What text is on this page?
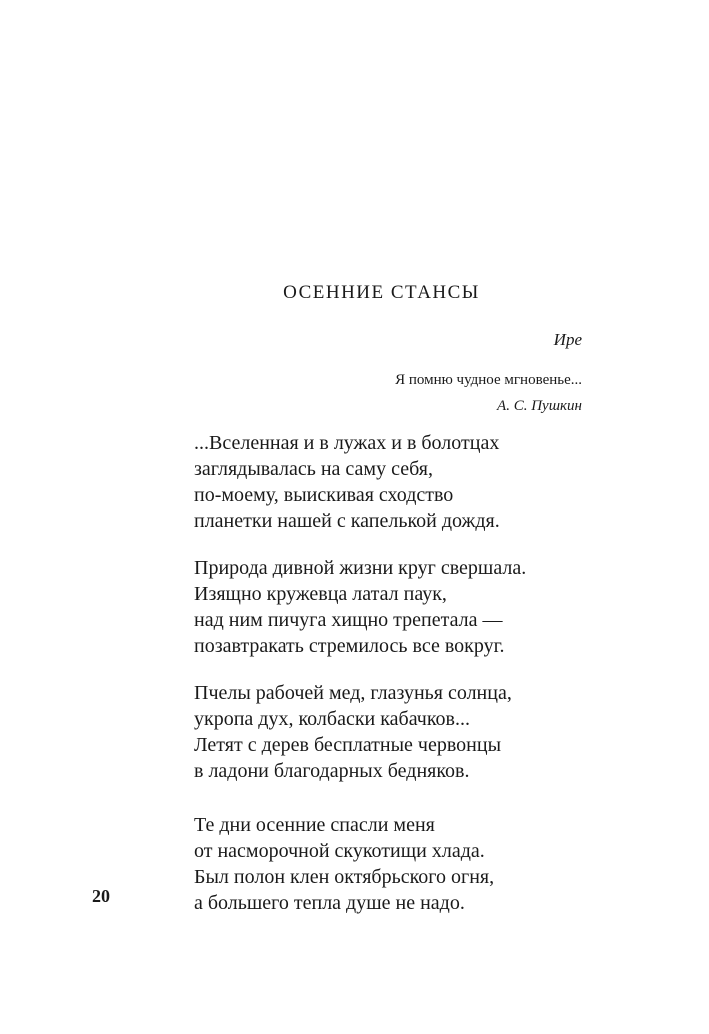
ОСЕННИЕ СТАНСЫ
Ире
Я помню чудное мгновенье...
А. С. Пушкин
...Вселенная и в лужах и в болотцах
заглядывалась на саму себя,
по-моему, выискивая сходство
планетки нашей с капелькой дождя.
Природа дивной жизни круг свершала.
Изящно кружевца латал паук,
над ним пичуга хищно трепетала —
позавтракать стремилось все вокруг.
Пчелы рабочей мед, глазунья солнца,
укропа дух, колбаски кабачков...
Летят с дерев бесплатные червонцы
в ладони благодарных бедняков.
Те дни осенние спасли меня
от насморочной скукотищи хлада.
Был полон клен октябрьского огня,
а большего тепла душе не надо.
20
